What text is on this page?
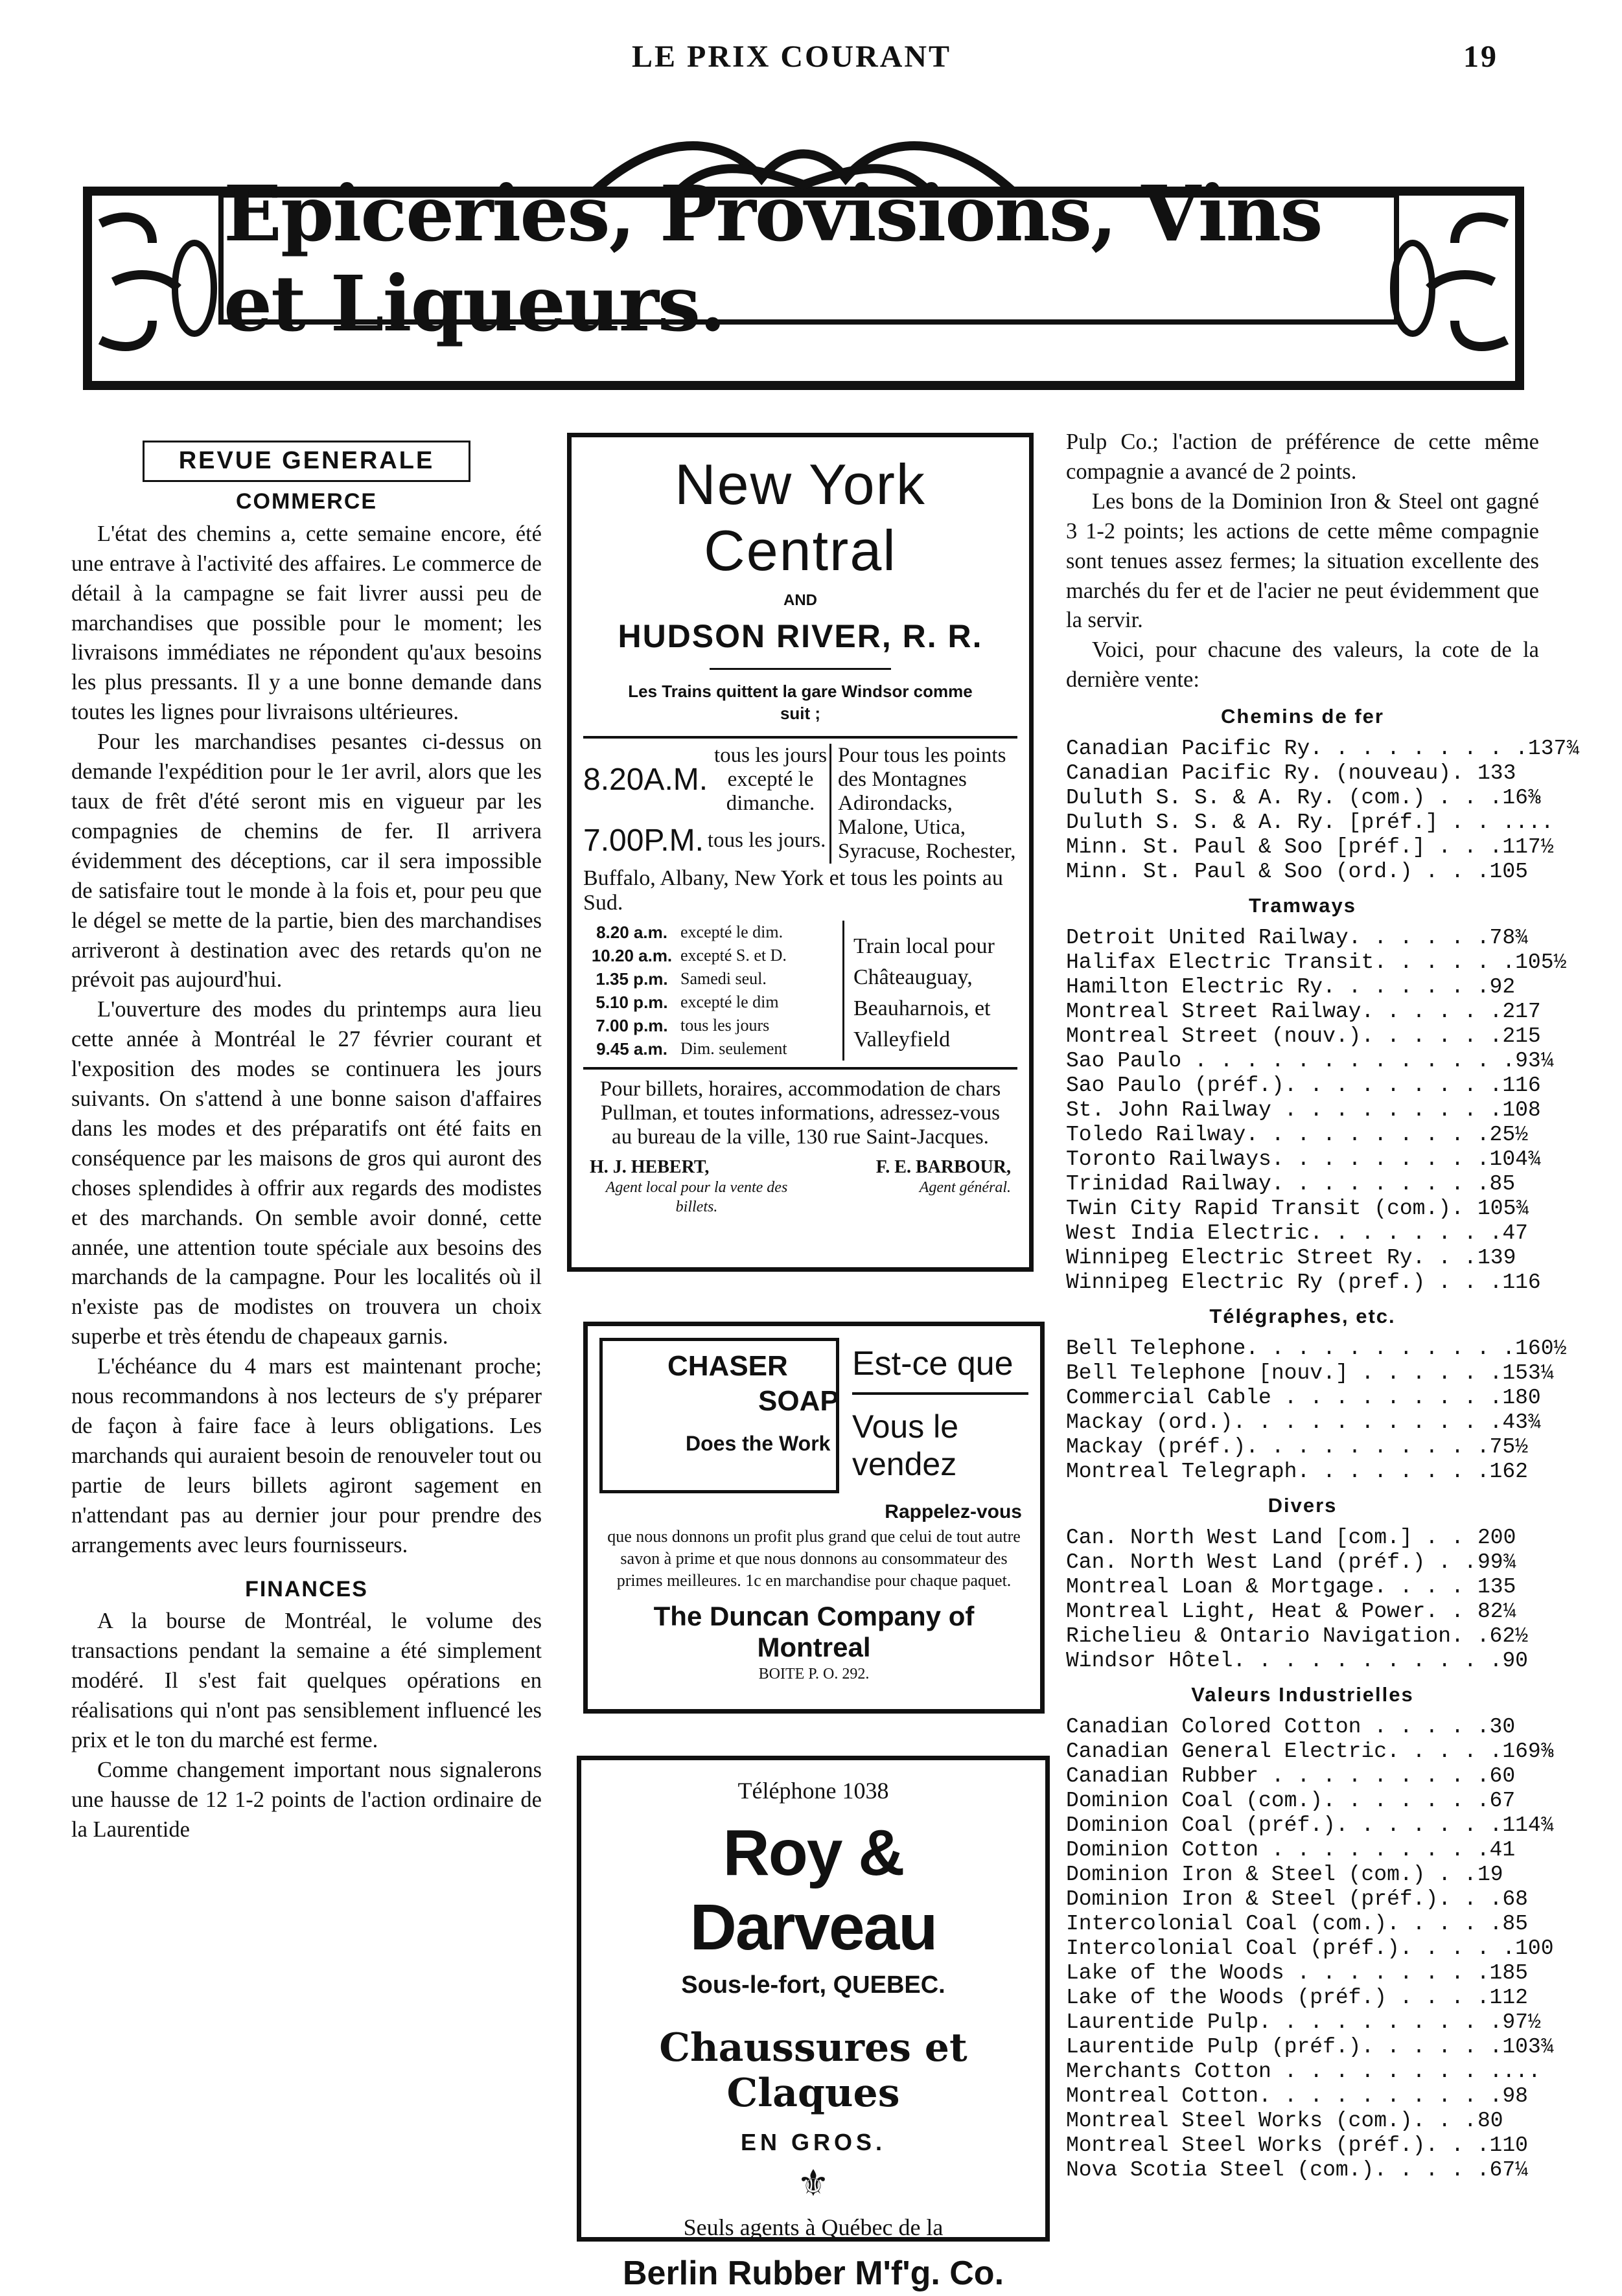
LE PRIX COURANT	19
Epiceries, Provisions, Vins et Liqueurs.
REVUE GENERALE
COMMERCE

L'état des chemins a, cette semaine encore, été une entrave à l'activité des affaires. Le commerce de détail à la campagne se fait livrer aussi peu de marchandises que possible pour le moment; les livraisons immédiates ne répondent qu'aux besoins les plus pressants. Il y a une bonne demande dans toutes les lignes pour livraisons ultérieures.

Pour les marchandises pesantes ci-dessus on demande l'expédition pour le 1er avril, alors que les taux de frêt d'été seront mis en vigueur par les compagnies de chemins de fer. Il arrivera évidemment des déceptions, car il sera impossible de satisfaire tout le monde à la fois et, pour peu que le dégel se mette de la partie, bien des marchandises arriveront à destination avec des retards qu'on ne prévoit pas aujourd'hui.

L'ouverture des modes du printemps aura lieu cette année à Montréal le 27 février courant et l'exposition des modes se continuera les jours suivants. On s'attend à une bonne saison d'affaires dans les modes et des préparatifs ont été faits en conséquence par les maisons de gros qui auront des choses splendides à offrir aux regards des modistes et des marchands. On semble avoir donné, cette année, une attention toute spéciale aux besoins des marchands de la campagne. Pour les localités où il n'existe pas de modistes on trouvera un choix superbe et très étendu de chapeaux garnis.

L'échéance du 4 mars est maintenant proche; nous recommandons à nos lecteurs de s'y préparer de façon à faire face à leurs obligations. Les marchands qui auraient besoin de renouveler tout ou partie de leurs billets agiront sagement en n'attendant pas au dernier jour pour prendre des arrangements avec leurs fournisseurs.

FINANCES

A la bourse de Montréal, le volume des transactions pendant la semaine a été simplement modéré. Il s'est fait quelques opérations en réalisations qui n'ont pas sensiblement influencé les prix et le ton du marché est ferme.

Comme changement important nous signalerons une hausse de 12 1-2 points de l'action ordinaire de la Laurentide

New York Central
AND
HUDSON RIVER, R. R.
Les Trains quittent la gare Windsor comme suit ;
8.20A.M.
tous les jours excepté le dimanche.
7.00P.M. tous les jours.
Pour tous les points des Montagnes Adirondacks, Malone, Utica, Syracuse, Rochester,
Buffalo, Albany, New York et tous les points au Sud.
8.20 a.m. excepté le dim.
10.20 a.m. excepté S. et D.
1.35 p.m. Samedi seul.
5.10 p.m. excepté le dim
7.00 p.m. tous les jours
9.45 a.m. Dim. seulement
Train local pour Châteauguay, Beauharnois, et Valleyfield
Pour billets, horaires, accommodation de chars Pullman, et toutes informations, adressez-vous au bureau de la ville, 130 rue Saint-Jacques.
H. J. HEBERT,	F. E. BARBOUR,
Agent local pour la vente des billets.
Agent général.
CHASER
SOAP
Does the Work
Est-ce que
Vous le vendez
Rappelez-vous
que nous donnons un profit plus grand que celui de tout autre savon à prime et que nous donnons au consommateur des primes meilleures. 1c en marchandise pour chaque paquet.
The Duncan Company of Montreal
BOITE P. O. 292.
Téléphone 1038
Roy & Darveau
Sous-le-fort, QUEBEC.
Chaussures et Claques
EN GROS.
⚜
Seuls agents à Québec de la
Berlin Rubber M'f'g. Co.

Pulp Co.; l'action de préférence de cette même compagnie a avancé de 2 points.

Les bons de la Dominion Iron & Steel ont gagné 3 1-2 points; les actions de cette même compagnie sont tenues assez fermes; la situation excellente des marchés du fer et de l'acier ne peut évidemment que la servir.

Voici, pour chacune des valeurs, la cote de la dernière vente:

Chemins de fer
Canadian Pacific Ry. . . . . . . . . 137¾
Canadian Pacific Ry. (nouveau). 133
Duluth S. S. & A. Ry. (com.) . . . 16⅜
Duluth S. S. & A. Ry. [préf.] . . . ...
Minn. St. Paul & Soo [préf.] . . . 117½
Minn. St. Paul & Soo (ord.) . . . 105
Tramways
Detroit United Railway. . . . . . 78¾
Halifax Electric Transit. . . . . . 105½
Hamilton Electric Ry. . . . . . . 92
Montreal Street Railway. . . . . . 217
Montreal Street (nouv.). . . . . . 215
Sao Paulo . . . . . . . . . . . . . 93¼
Sao Paulo (préf.). . . . . . . . . 116
St. John Railway . . . . . . . . . 108
Toledo Railway. . . . . . . . . . 25½
Toronto Railways. . . . . . . . . 104¾
Trinidad Railway. . . . . . . . . 85
Twin City Rapid Transit (com.). 105¾
West India Electric. . . . . . . . 47
Winnipeg Electric Street Ry. . . 139
Winnipeg Electric Ry (pref.) . . . 116
Télégraphes, etc.
Bell Telephone. . . . . . . . . . . 160½
Bell Telephone [nouv.] . . . . . . 153¼
Commercial Cable . . . . . . . . . 180
Mackay (ord.). . . . . . . . . . . 43¾
Mackay (préf.). . . . . . . . . . 75½
Montreal Telegraph. . . . . . . . 162
Divers
Can. North West Land [com.] . . 200
Can. North West Land (préf.) . . 99¾
Montreal Loan & Mortgage. . . . 135
Montreal Light, Heat & Power. . 82¼
Richelieu & Ontario Navigation. . 62½
Windsor Hôtel. . . . . . . . . . . 90
Valeurs Industrielles
Canadian Colored Cotton . . . . . 30
Canadian General Electric. . . . . 169⅜
Canadian Rubber . . . . . . . . . 60
Dominion Coal (com.). . . . . . . 67
Dominion Coal (préf.). . . . . . . 114¾
Dominion Cotton . . . . . . . . . 41
Dominion Iron & Steel (com.) . . 19
Dominion Iron & Steel (préf.). . . 68
Intercolonial Coal (com.). . . . . 85
Intercolonial Coal (préf.). . . . . 100
Lake of the Woods . . . . . . . . 185
Lake of the Woods (préf.) . . . . 112
Laurentide Pulp. . . . . . . . . . 97½
Laurentide Pulp (préf.). . . . . . 103¾
Merchants Cotton . . . . . . . . . ...
Montreal Cotton. . . . . . . . . . 98
Montreal Steel Works (com.). . . 80
Montreal Steel Works (préf.). . . 110
Nova Scotia Steel (com.). . . . . 67¼
